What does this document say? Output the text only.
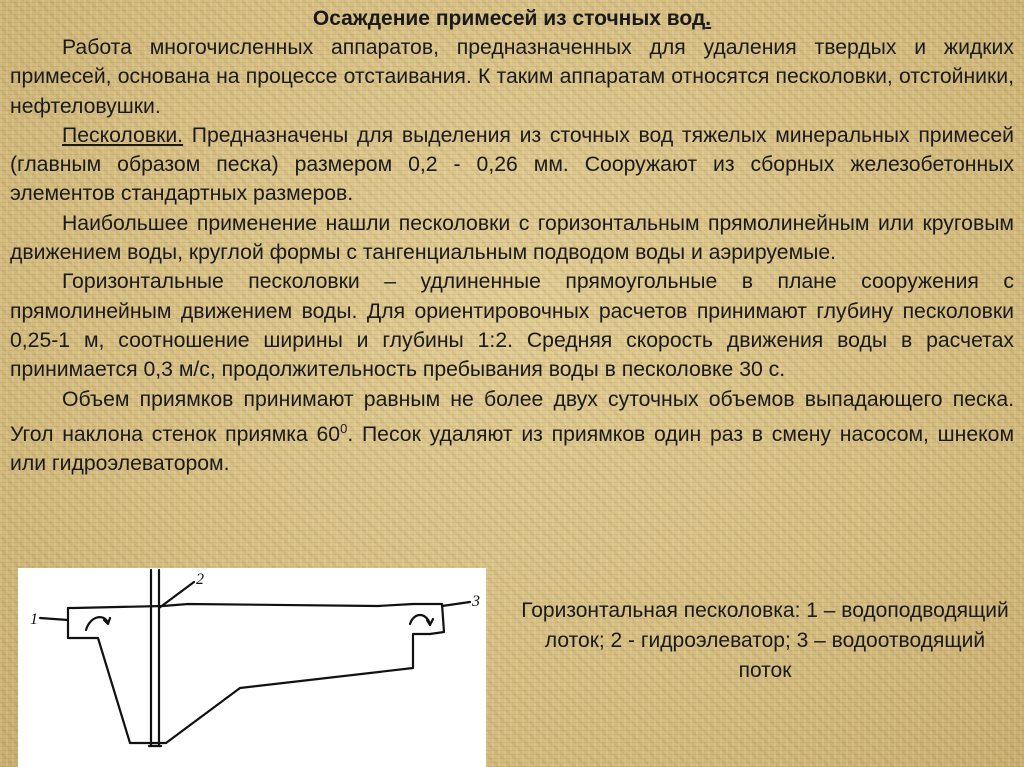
Осаждение примесей из сточных вод.

Работа многочисленных аппаратов, предназначенных для удаления твердых и жидких примесей, основана на процессе отстаивания. К таким аппаратам относятся песколовки, отстойники, нефтеловушки.

Песколовки. Предназначены для выделения из сточных вод тяжелых минеральных примесей (главным образом песка) размером 0,2 - 0,26 мм. Сооружают из сборных железобетонных элементов стандартных размеров.

Наибольшее применение нашли песколовки с горизонтальным прямолинейным или круговым движением воды, круглой формы с тангенциальным подводом воды и аэрируемые.

Горизонтальные песколовки – удлиненные прямоугольные в плане сооружения с прямолинейным движением воды. Для ориентировочных расчетов принимают глубину песколовки 0,25-1 м, соотношение ширины и глубины 1:2. Средняя скорость движения воды в расчетах принимается 0,3 м/с, продолжительность пребывания воды в песколовке 30 с.

Объем приямков принимают равным не более двух суточных объемов выпадающего песка. Угол наклона стенок приямка $60^0$. Песок удаляют из приямков один раз в смену насосом, шнеком или гидроэлеватором.

1
2
3 Горизонтальная песколовка: 1 – водоподводящий лоток; 2 - гидроэлеватор; 3 – водоотводящий поток
